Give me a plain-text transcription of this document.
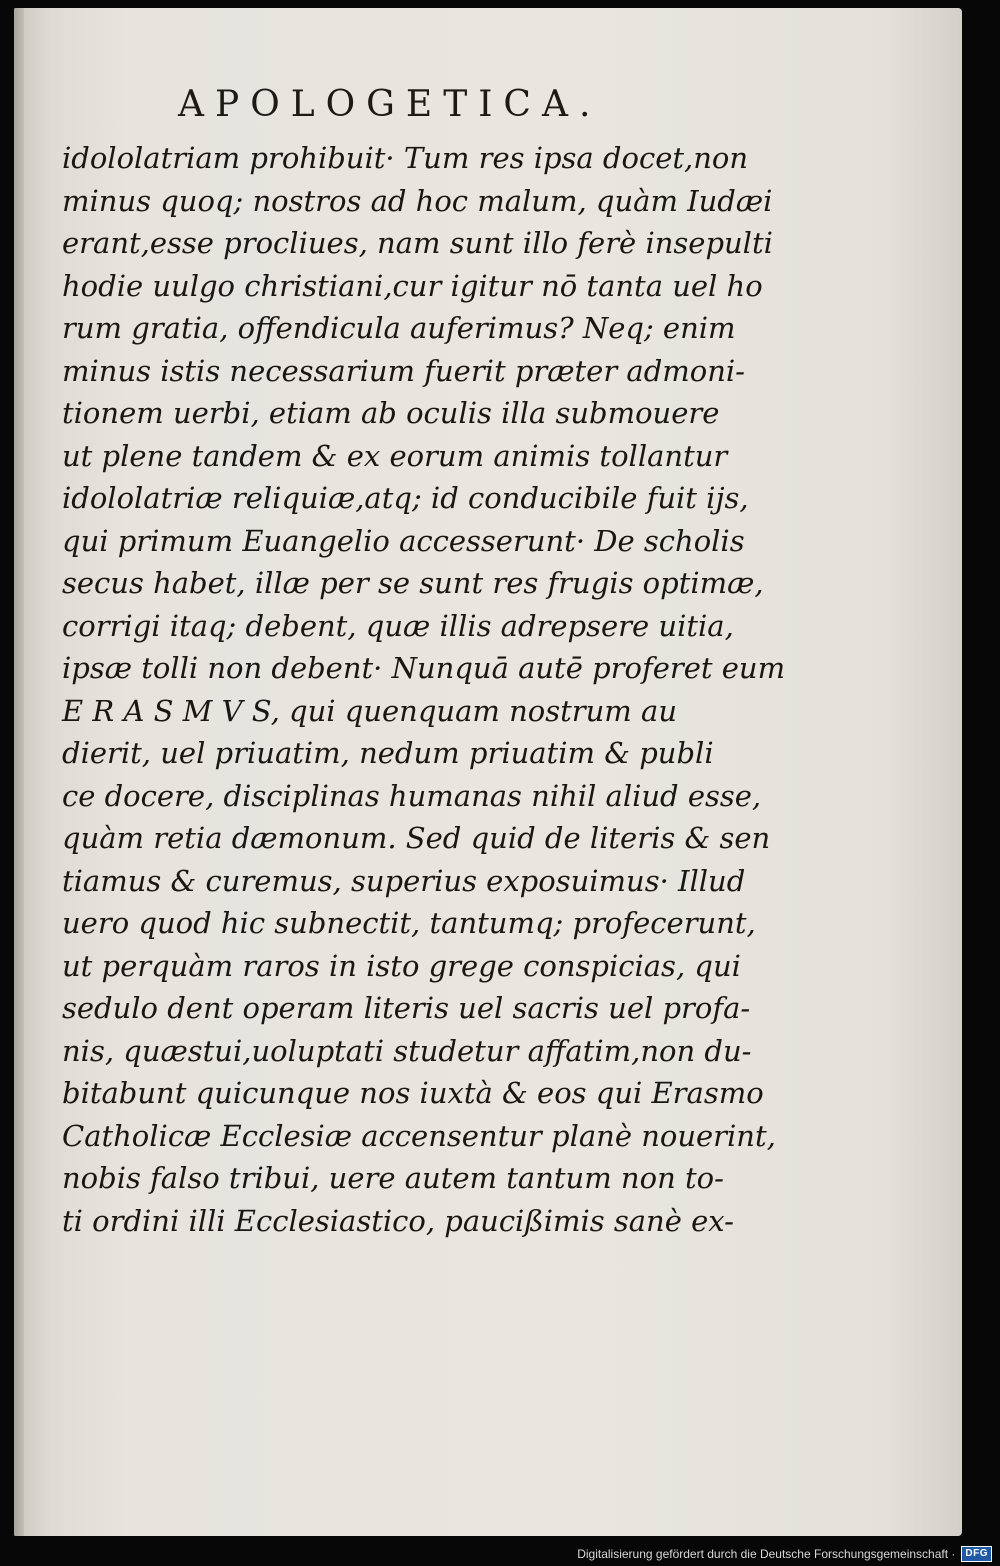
APOLOGETICA.
idololatriam prohibuit· Tum res ipsa docet,non
minus quoq; nostros ad hoc malum, quàm Iudæi
erant,esse procliues, nam sunt illo ferè insepulti
hodie uulgo christiani,cur igitur nō tanta uel ho
rum gratia, offendicula auferimus? Neq; enim
minus istis necessarium fuerit præter admoni-
tionem uerbi, etiam ab oculis illa submouere
ut plene tandem & ex eorum animis tollantur
idololatriæ reliquiæ,atq; id conducibile fuit ijs,
qui primum Euangelio accesserunt· De scholis
secus habet, illæ per se sunt res frugis optimæ,
corrigi itaq; debent, quæ illis adrepsere uitia,
ipsæ tolli non debent· Nunquā autē proferet eum
E R A S M V S, qui quenquam nostrum au
dierit, uel priuatim, nedum priuatim & publi
ce docere, disciplinas humanas nihil aliud esse,
quàm retia dæmonum. Sed quid de literis & sen
tiamus & curemus, superius exposuimus· Illud
uero quod hic subnectit, tantumq; profecerunt,
ut perquàm raros in isto grege conspicias, qui
sedulo dent operam literis uel sacris uel profa-
nis, quæstui,uoluptati studetur affatim,non du-
bitabunt quicunque nos iuxtà & eos qui Erasmo
Catholicæ Ecclesiæ accensentur planè nouerint,
nobis falso tribui, uere autem tantum non to-
ti ordini illi Ecclesiastico, paucißimis sanè ex-
Digitalisierung gefördert durch die Deutsche Forschungsgemeinschaft ·	DFG
